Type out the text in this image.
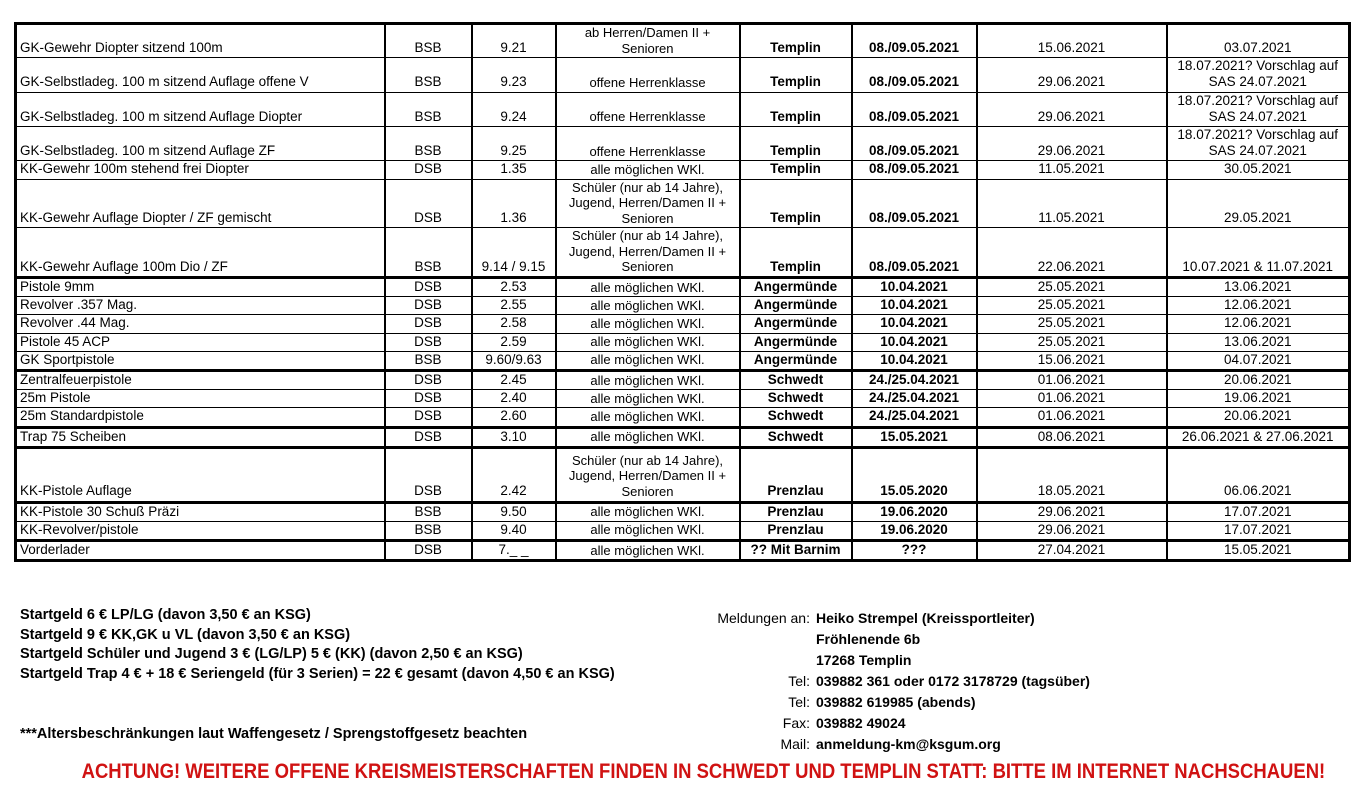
GK-Gewehr Diopter sitzend 100m	BSB	9.21	ab Herren/Damen II + Senioren	Templin	08./09.05.2021	15.06.2021	03.07.2021
GK-Selbstladeg. 100 m sitzend Auflage offene V	BSB	9.23	offene Herrenklasse	Templin	08./09.05.2021	29.06.2021	18.07.2021? Vorschlag auf SAS 24.07.2021
GK-Selbstladeg. 100 m sitzend Auflage Diopter	BSB	9.24	offene Herrenklasse	Templin	08./09.05.2021	29.06.2021	18.07.2021? Vorschlag auf SAS 24.07.2021
GK-Selbstladeg. 100 m sitzend Auflage ZF	BSB	9.25	offene Herrenklasse	Templin	08./09.05.2021	29.06.2021	18.07.2021? Vorschlag auf SAS 24.07.2021
KK-Gewehr 100m stehend frei Diopter	DSB	1.35	alle möglichen WKl.	Templin	08./09.05.2021	11.05.2021	30.05.2021
KK-Gewehr Auflage Diopter / ZF gemischt	DSB	1.36	Schüler (nur ab 14 Jahre), Jugend, Herren/Damen II + Senioren	Templin	08./09.05.2021	11.05.2021	29.05.2021
KK-Gewehr Auflage 100m Dio / ZF	BSB	9.14 / 9.15	Schüler (nur ab 14 Jahre), Jugend, Herren/Damen II + Senioren	Templin	08./09.05.2021	22.06.2021	10.07.2021 & 11.07.2021
Pistole 9mm	DSB	2.53	alle möglichen WKl.	Angermünde	10.04.2021	25.05.2021	13.06.2021
Revolver .357 Mag.	DSB	2.55	alle möglichen WKl.	Angermünde	10.04.2021	25.05.2021	12.06.2021
Revolver .44 Mag.	DSB	2.58	alle möglichen WKl.	Angermünde	10.04.2021	25.05.2021	12.06.2021
Pistole 45 ACP	DSB	2.59	alle möglichen WKl.	Angermünde	10.04.2021	25.05.2021	13.06.2021
GK Sportpistole	BSB	9.60/9.63	alle möglichen WKl.	Angermünde	10.04.2021	15.06.2021	04.07.2021
Zentralfeuerpistole	DSB	2.45	alle möglichen WKl.	Schwedt	24./25.04.2021	01.06.2021	20.06.2021
25m Pistole	DSB	2.40	alle möglichen WKl.	Schwedt	24./25.04.2021	01.06.2021	19.06.2021
25m Standardpistole	DSB	2.60	alle möglichen WKl.	Schwedt	24./25.04.2021	01.06.2021	20.06.2021
Trap 75 Scheiben	DSB	3.10	alle möglichen WKl.	Schwedt	15.05.2021	08.06.2021	26.06.2021 & 27.06.2021
KK-Pistole Auflage	DSB	2.42	Schüler (nur ab 14 Jahre), Jugend, Herren/Damen II + Senioren	Prenzlau	15.05.2020	18.05.2021	06.06.2021
KK-Pistole 30 Schuß Präzi	BSB	9.50	alle möglichen WKl.	Prenzlau	19.06.2020	29.06.2021	17.07.2021
KK-Revolver/pistole	BSB	9.40	alle möglichen WKl.	Prenzlau	19.06.2020	29.06.2021	17.07.2021
Vorderlader	DSB	7._ _	alle möglichen WKl.	?? Mit Barnim	???	27.04.2021	15.05.2021
Startgeld 6 € LP/LG (davon 3,50 € an KSG)
Startgeld 9 € KK,GK u VL (davon 3,50 € an KSG)
Startgeld Schüler und Jugend 3 € (LG/LP) 5 € (KK) (davon 2,50 € an KSG)
Startgeld Trap 4 € + 18 € Seriengeld (für 3 Serien) = 22 € gesamt (davon 4,50 € an KSG)
***Altersbeschränkungen laut Waffengesetz / Sprengstoffgesetz beachten
Meldungen an: Heiko Strempel (Kreissportleiter)
Fröhlenende 6b
17268 Templin
Tel: 039882 361 oder 0172 3178729 (tagsüber)
Tel: 039882 619985 (abends)
Fax: 039882 49024
Mail: anmeldung-km@ksgum.org
ACHTUNG! WEITERE OFFENE KREISMEISTERSCHAFTEN FINDEN IN SCHWEDT UND TEMPLIN STATT: BITTE IM INTERNET NACHSCHAUEN!
